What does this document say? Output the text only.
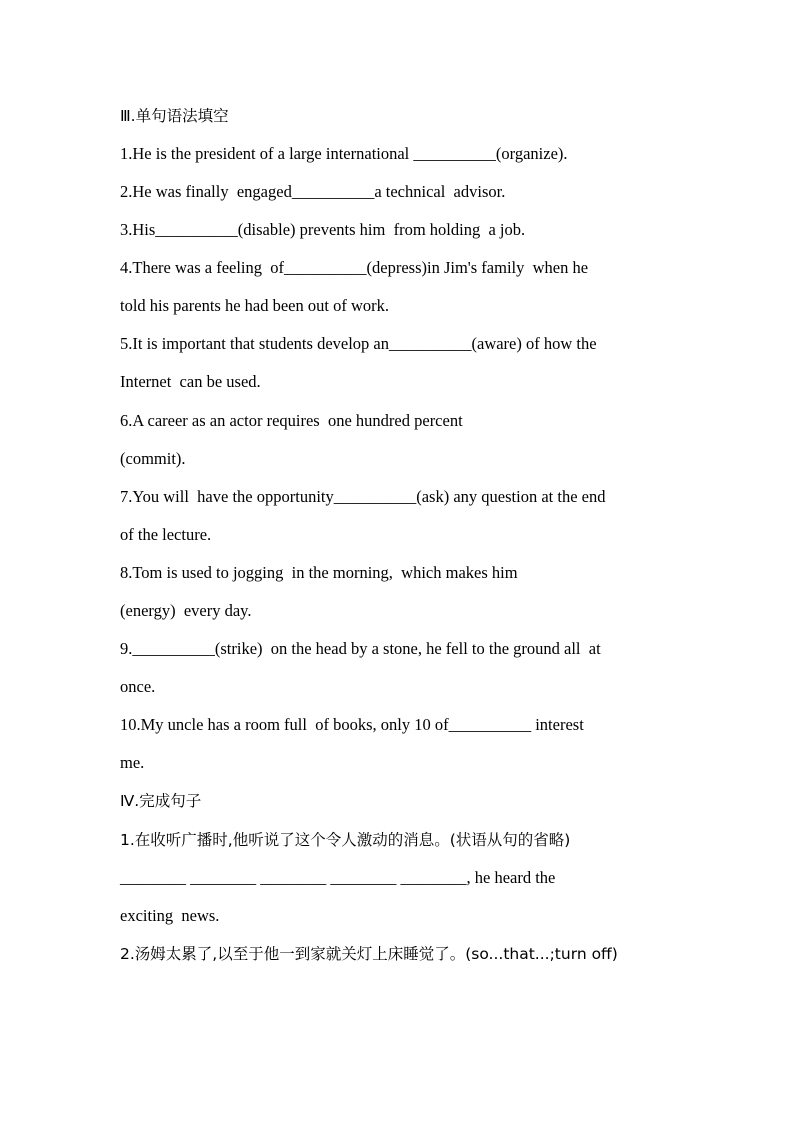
Ⅲ.单句语法填空
1.He is the president of a large international __________(organize).
2.He was finally  engaged__________a technical  advisor.
3.His__________(disable) prevents him  from holding  a job.
4.There was a feeling  of__________(depress)in Jim's family  when he
told his parents he had been out of work.
5.It is important that students develop an__________(aware) of how the
Internet  can be used.
6.A career as an actor requires  one hundred percent
(commit).
7.You will  have the opportunity__________(ask) any question at the end
of the lecture.
8.Tom is used to jogging  in the morning,  which makes him
(energy)  every day.
9.__________(strike)  on the head by a stone, he fell to the ground all  at
once.
10.My uncle has a room full  of books, only 10 of__________ interest
me.
Ⅳ.完成句子
1.在收听广播时,他听说了这个令人激动的消息。(状语从句的省略)
________ ________ ________ ________ ________, he heard the
exciting  news.
2.汤姆太累了,以至于他一到家就关灯上床睡觉了。(so...that...;turn off)
